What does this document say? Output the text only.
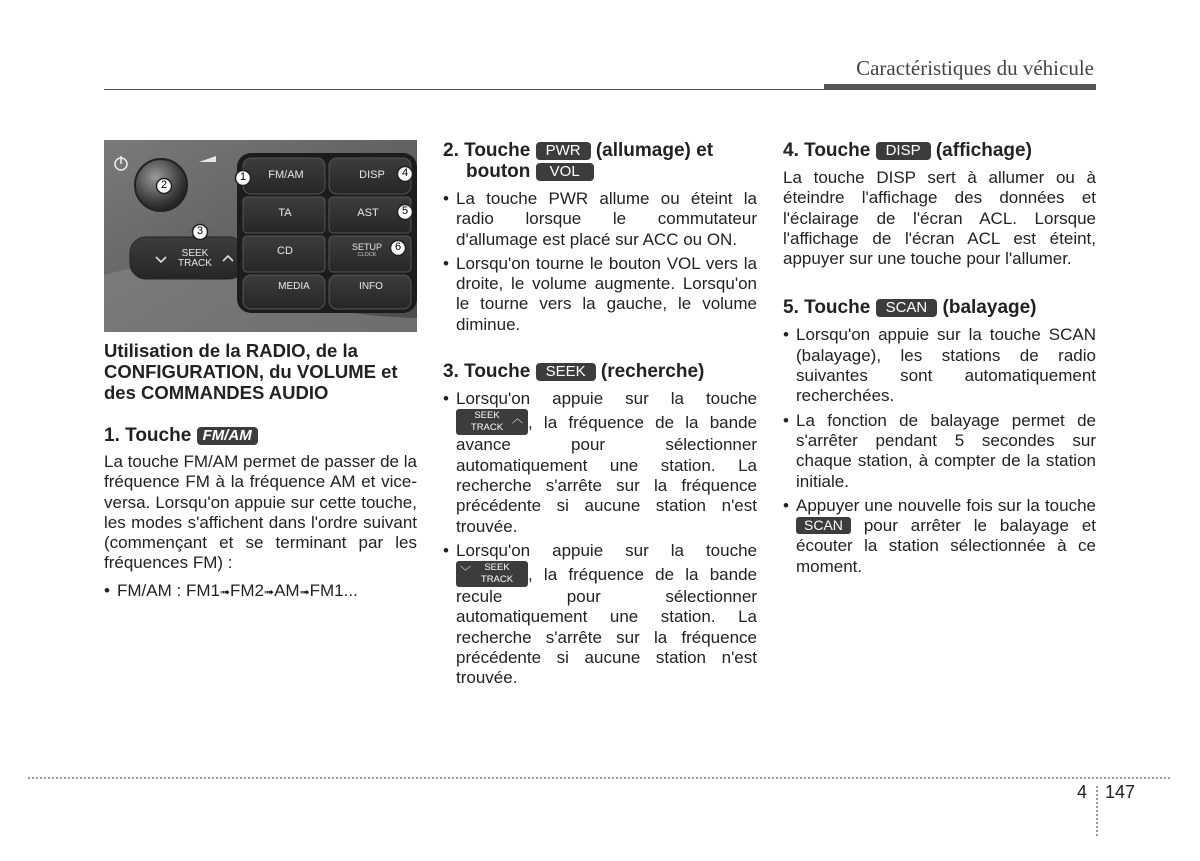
Caractéristiques du véhicule
FM/AM	DISP
TA	AST
CD	SETUP
CLOCK
MEDIA	INFO
SEEK
TRACK
1
2
3
4
5
6
Utilisation de la RADIO, de la CONFIGURATION, du VOLUME et des COMMANDES AUDIO
1. Touche FM/AM

La touche FM/AM permet de passer de la fréquence FM à la fréquence AM et vice-versa. Lorsqu'on appuie sur cette touche, les modes s'affichent dans l'ordre suivant (commençant et se terminant par les fréquences FM) :

• FM/AM : FM1➟FM2➟AM➟FM1...
2. Touche PWR (allumage) et
bouton VOL
• La touche PWR allume ou éteint la radio lorsque le commutateur d'allumage est placé sur ACC ou ON.
• Lorsqu'on tourne le bouton VOL vers la droite, le volume augmente. Lorsqu'on le tourne vers la gauche, le volume diminue.
3. Touche SEEK (recherche)
• Lorsqu'on appuie sur la touche
SEEK
TRACK
︿ , la fréquence de la bande avance pour sélectionner automatiquement une station. La recherche s'arrête sur la fréquence précédente si aucune station n'est trouvée.
• Lorsqu'on appuie sur la touche
﹀	SEEK
TRACK , la fréquence de la bande recule pour sélectionner automatiquement une station. La recherche s'arrête sur la fréquence précédente si aucune station n'est trouvée.
4. Touche DISP (affichage)

La touche DISP sert à allumer ou à éteindre l'affichage des données et l'éclairage de l'écran ACL. Lorsque l'affichage de l'écran ACL est éteint, appuyer sur une touche pour l'allumer.

5. Touche SCAN (balayage)
• Lorsqu'on appuie sur la touche SCAN (balayage), les stations de radio suivantes sont automatiquement recherchées.
• La fonction de balayage permet de s'arrêter pendant 5 secondes sur chaque station, à compter de la station initiale.
• Appuyer une nouvelle fois sur la touche SCAN pour arrêter le balayage et écouter la station sélectionnée à ce moment.
4 147
